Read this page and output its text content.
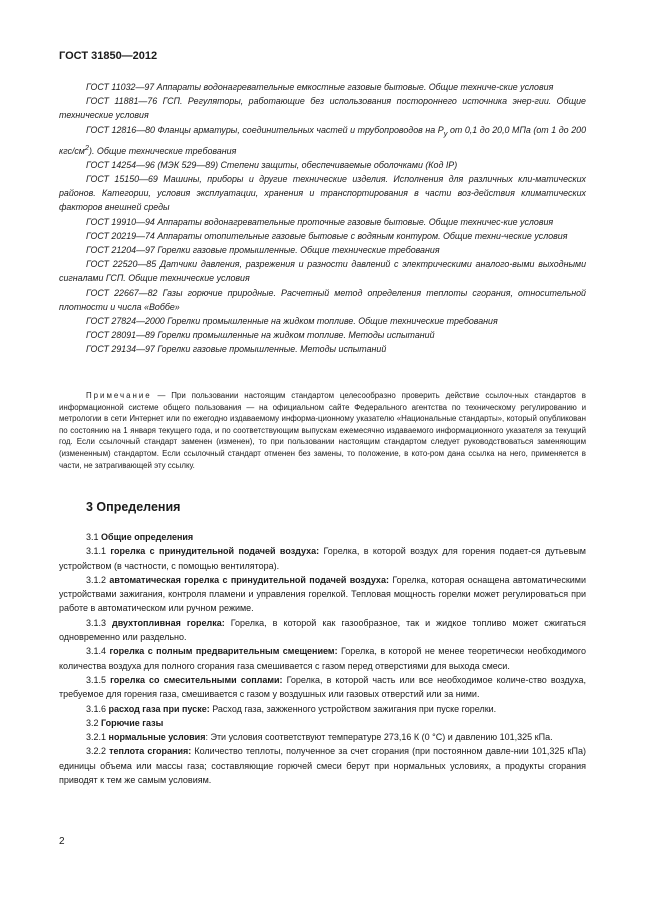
ГОСТ 31850—2012

ГОСТ 11032—97 Аппараты водонагревательные емкостные газовые бытовые. Общие техниче-ские условия

ГОСТ 11881—76 ГСП. Регуляторы, работающие без использования постороннего источника энер-гии. Общие технические условия

ГОСТ 12816—80 Фланцы арматуры, соединительных частей и трубопроводов на $P_у$ от 0,1 до 20,0 МПа (от 1 до 200 кгс/$см^2$). Общие технические требования

ГОСТ 14254—96 (МЭК 529—89) Степени защиты, обеспечиваемые оболочками (Код IP)

ГОСТ 15150—69 Машины, приборы и другие технические изделия. Исполнения для различных кли-матических районов. Категории, условия эксплуатации, хранения и транспортирования в части воз-действия климатических факторов внешней среды

ГОСТ 19910—94 Аппараты водонагревательные проточные газовые бытовые. Общие техничес-кие условия

ГОСТ 20219—74 Аппараты отопительные газовые бытовые с водяным контуром. Общие техни-ческие условия

ГОСТ 21204—97 Горелки газовые промышленные. Общие технические требования

ГОСТ 22520—85 Датчики давления, разрежения и разности давлений с электрическими аналого-выми выходными сигналами ГСП. Общие технические условия

ГОСТ 22667—82 Газы горючие природные. Расчетный метод определения теплоты сгорания, относительной плотности и числа «Воббе»

ГОСТ 27824—2000 Горелки промышленные на жидком топливе. Общие технические требования

ГОСТ 28091—89 Горелки промышленные на жидком топливе. Методы испытаний

ГОСТ 29134—97 Горелки газовые промышленные. Методы испытаний

Примечание — При пользовании настоящим стандартом целесообразно проверить действие ссылоч-ных стандартов в информационной системе общего пользования — на официальном сайте Федерального агентства по техническому регулированию и метрологии в сети Интернет или по ежегодно издаваемому информа-ционному указателю «Национальные стандарты», который опубликован по состоянию на 1 января текущего года, и по соответствующим выпускам ежемесячно издаваемого информационного указателя за текущий год. Если ссылочный стандарт заменен (изменен), то при пользовании настоящим стандартом следует руководствоваться заменяющим (измененным) стандартом. Если ссылочный стандарт отменен без замены, то положение, в кото-ром дана ссылка на него, применяется в части, не затрагивающей эту ссылку.

3 Определения

3.1 Общие определения

3.1.1 горелка с принудительной подачей воздуха: Горелка, в которой воздух для горения подает-ся дутьевым устройством (в частности, с помощью вентилятора).

3.1.2 автоматическая горелка с принудительной подачей воздуха: Горелка, которая оснащена автоматическими устройствами зажигания, контроля пламени и управления горелкой. Тепловая мощность горелки может регулироваться при работе в автоматическом или ручном режиме.

3.1.3 двухтопливная горелка: Горелка, в которой как газообразное, так и жидкое топливо может сжигаться одновременно или раздельно.

3.1.4 горелка с полным предварительным смещением: Горелка, в которой не менее теоретически необходимого количества воздуха для полного сгорания газа смешивается с газом перед отверстиями для выхода смеси.

3.1.5 горелка со смесительными соплами: Горелка, в которой часть или все необходимое количе-ство воздуха, требуемое для горения газа, смешивается с газом у воздушных или газовых отверстий или за ними.

3.1.6 расход газа при пуске: Расход газа, зажженного устройством зажигания при пуске горелки.

3.2 Горючие газы

3.2.1 нормальные условия: Эти условия соответствуют температуре 273,16 К (0 °С) и давлению 101,325 кПа.

3.2.2 теплота сгорания: Количество теплоты, полученное за счет сгорания (при постоянном давле-нии 101,325 кПа) единицы объема или массы газа; составляющие горючей смеси берут при нормальных условиях, а продукты сгорания приводят к тем же самым условиям.

2
